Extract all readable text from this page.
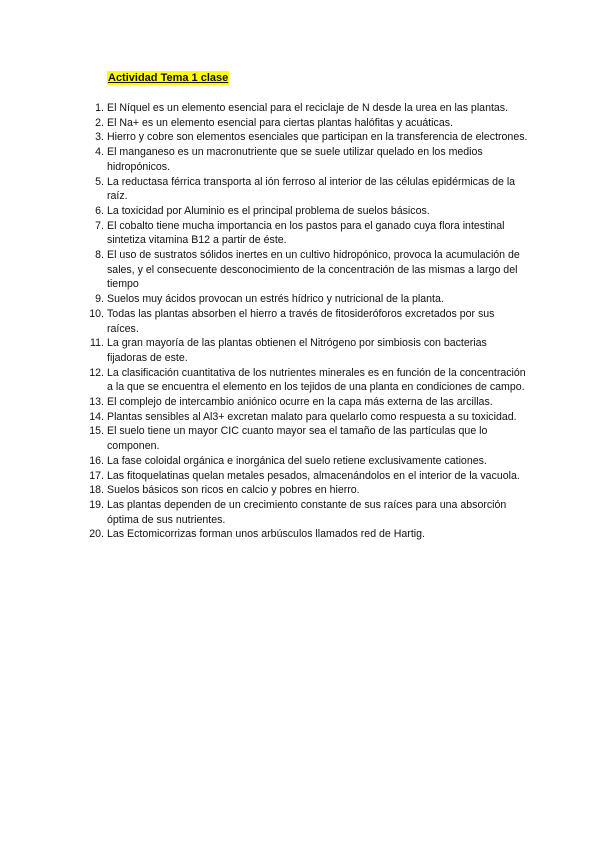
Actividad Tema 1 clase
1. El Níquel es un elemento esencial para el reciclaje de N desde la urea en las plantas.
2. El Na+ es un elemento esencial para ciertas plantas halófitas y acuáticas.
3. Hierro y cobre son elementos esenciales que participan en la transferencia de electrones.
4. El manganeso es un macronutriente que se suele utilizar quelado en los medios hidropónicos.
5. La reductasa férrica transporta al ión ferroso al interior de las células epidérmicas de la raíz.
6. La toxicidad por Aluminio es el principal problema de suelos básicos.
7. El cobalto tiene mucha importancia en los pastos para el ganado cuya flora intestinal sintetiza vitamina B12 a partir de éste.
8. El uso de sustratos sólidos inertes en un cultivo hidropónico, provoca la acumulación de sales, y el consecuente desconocimiento de la concentración de las mismas a largo del tiempo
9. Suelos muy ácidos provocan un estrés hídrico y nutricional de la planta.
10. Todas las plantas absorben el hierro a través de fitosideróforos excretados por sus raíces.
11. La gran mayoría de las plantas obtienen el Nitrógeno por simbiosis con bacterias fijadoras de este.
12. La clasificación cuantitativa de los nutrientes minerales es en función de la concentración a la que se encuentra el elemento en los tejidos de una planta en condiciones de campo.
13. El complejo de intercambio aniónico ocurre en la capa más externa de las arcillas.
14. Plantas sensibles al Al3+ excretan malato para quelarlo como respuesta a su toxicidad.
15. El suelo tiene un mayor CIC cuanto mayor sea el tamaño de las partículas que lo componen.
16. La fase coloidal orgánica e inorgánica del suelo retiene exclusivamente cationes.
17. Las fitoquelatinas quelan metales pesados, almacenándolos en el interior de la vacuola.
18. Suelos básicos son ricos en calcio y pobres en hierro.
19. Las plantas dependen de un crecimiento constante de sus raíces para una absorción óptima de sus nutrientes.
20. Las Ectomicorrizas forman unos arbúsculos llamados red de Hartig.
